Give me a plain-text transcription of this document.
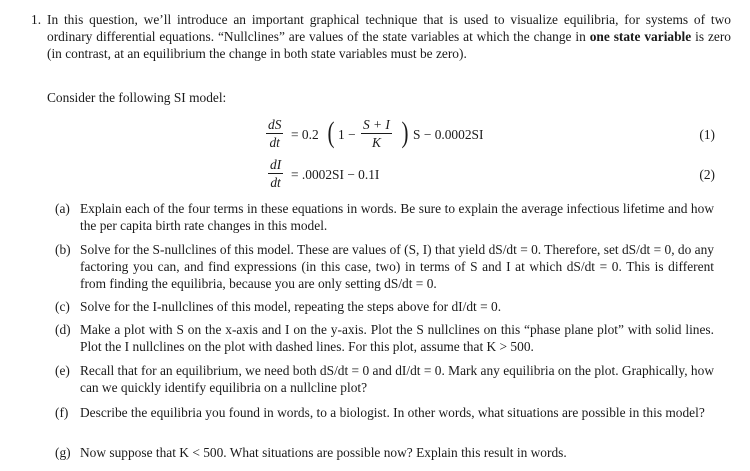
1. In this question, we’ll introduce an important graphical technique that is used to visualize equilibria, for systems of two ordinary differential equations. “Nullclines” are values of the state variables at which the change in one state variable is zero (in contrast, at an equilibrium the change in both state variables must be zero).
Consider the following SI model:
$\frac{dS}{dt} = 0.2$ ( $1 - \frac{S + I}{K}$ ) S − 0.0002SI	(1)
$\frac{dI}{dt} = .0002SI - 0.1I$	(2)
(a) Explain each of the four terms in these equations in words. Be sure to explain the average infectious lifetime and how the per capita birth rate changes in this model.
(b) Solve for the S-nullclines of this model. These are values of (S, I) that yield dS/dt = 0. Therefore, set dS/dt = 0, do any factoring you can, and find expressions (in this case, two) in terms of S and I at which dS/dt = 0. This is different from finding the equilibria, because you are only setting dS/dt = 0.
(c) Solve for the I-nullclines of this model, repeating the steps above for dI/dt = 0.
(d) Make a plot with S on the x-axis and I on the y-axis. Plot the S nullclines on this “phase plane plot” with solid lines. Plot the I nullclines on the plot with dashed lines. For this plot, assume that K > 500.
(e) Recall that for an equilibrium, we need both dS/dt = 0 and dI/dt = 0. Mark any equilibria on the plot. Graphically, how can we quickly identify equilibria on a nullcline plot?
(f) Describe the equilibria you found in words, to a biologist. In other words, what situations are possible in this model?
(g) Now suppose that K < 500. What situations are possible now? Explain this result in words.
